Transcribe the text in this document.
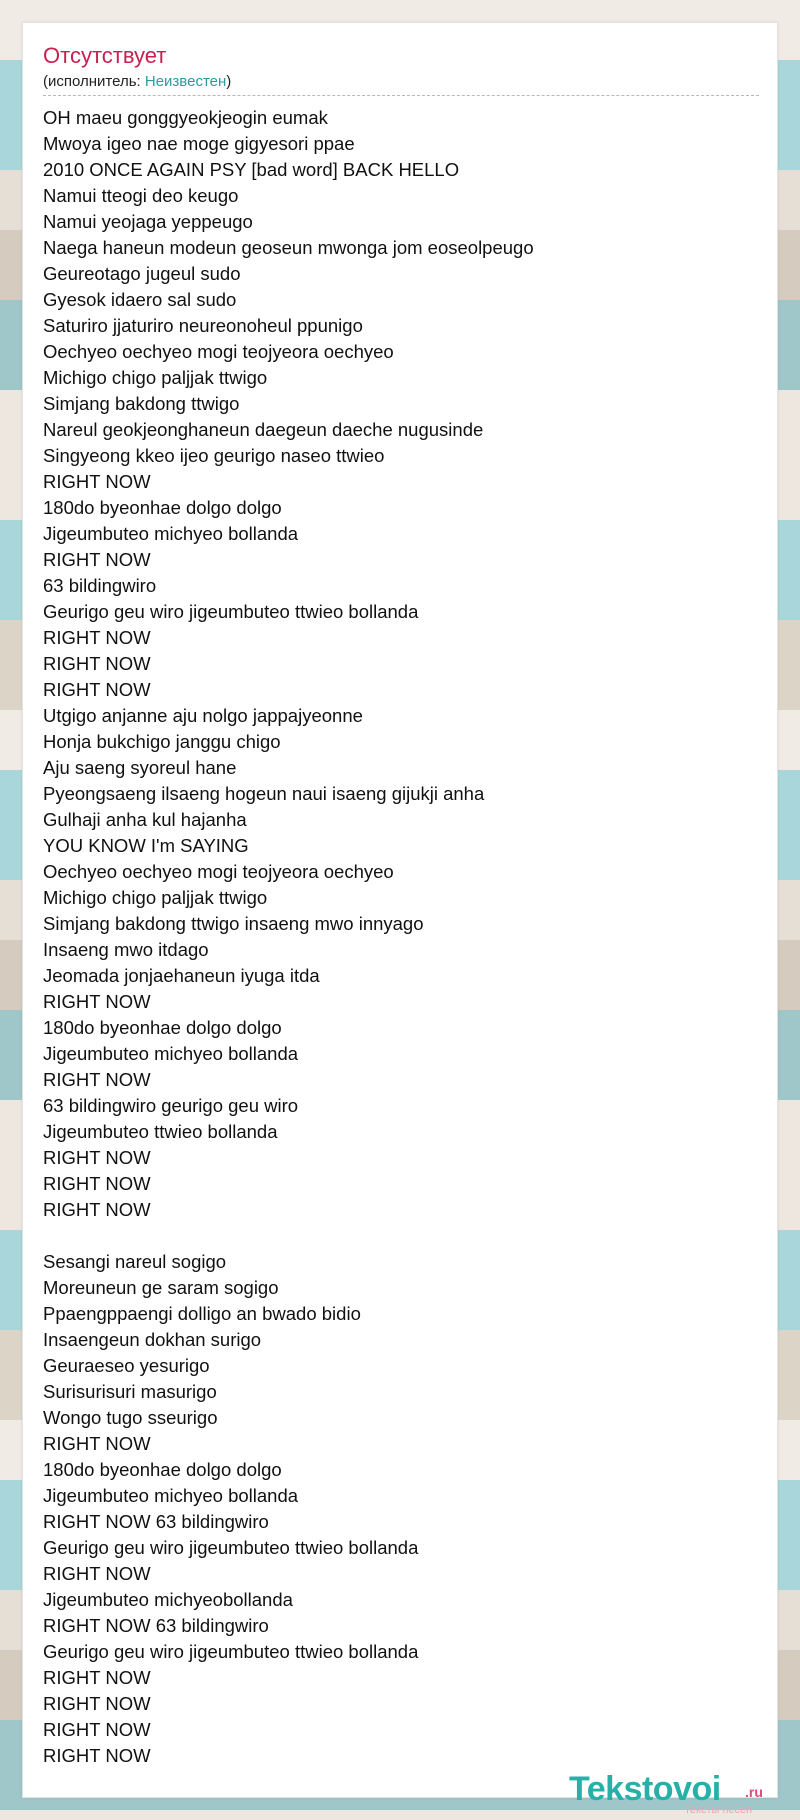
Отсутствует
(исполнитель: Неизвестен)
OH maeu gonggyeokjeogin eumak
Mwoya igeo nae moge gigyesori ppae
2010 ONCE AGAIN PSY [bad word] BACK HELLO
Namui tteogi deo keugo
Namui yeojaga yeppeugo
Naega haneun modeun geoseun mwonga jom eoseolpeugo
Geureotago jugeul sudo
Gyesok idaero sal sudo
Saturiro jjaturiro neureonoheul ppunigo
Oechyeo oechyeo mogi teojyeora oechyeo
Michigo chigo paljjak ttwigo
Simjang bakdong ttwigo
Nareul geokjeonghaneun daegeun daeche nugusinde
Singyeong kkeo ijeo geurigo naseo ttwieo
RIGHT NOW
180do byeonhae dolgo dolgo
Jigeumbuteo michyeo bollanda
RIGHT NOW
63 bildingwiro
Geurigo geu wiro jigeumbuteo ttwieo bollanda
RIGHT NOW
RIGHT NOW
RIGHT NOW
Utgigo anjanne aju nolgo jappajyeonne
Honja bukchigo janggu chigo
Aju saeng syoreul hane
Pyeongsaeng ilsaeng hogeun naui isaeng gijukji anha
Gulhaji anha kul hajanha
YOU KNOW I'm SAYING
Oechyeo oechyeo mogi teojyeora oechyeo
Michigo chigo paljjak ttwigo
Simjang bakdong ttwigo insaeng mwo innyago
Insaeng mwo itdago
Jeomada jonjaehaneun iyuga itda
RIGHT NOW
180do byeonhae dolgo dolgo
Jigeumbuteo michyeo bollanda
RIGHT NOW
63 bildingwiro geurigo geu wiro
Jigeumbuteo ttwieo bollanda
RIGHT NOW
RIGHT NOW
RIGHT NOW
Sesangi nareul sogigo
Moreuneun ge saram sogigo
Ppaengppaengi dolligo an bwado bidio
Insaengeun dokhan surigo
Geuraeseo yesurigo
Surisurisuri masurigo
Wongo tugo sseurigo
RIGHT NOW
180do byeonhae dolgo dolgo
Jigeumbuteo michyeo bollanda
RIGHT NOW 63 bildingwiro
Geurigo geu wiro jigeumbuteo ttwieo bollanda
RIGHT NOW
Jigeumbuteo michyeobollanda
RIGHT NOW 63 bildingwiro
Geurigo geu wiro jigeumbuteo ttwieo bollanda
RIGHT NOW
RIGHT NOW
RIGHT NOW
RIGHT NOW
Tekstovoi .ru
тексты песен
